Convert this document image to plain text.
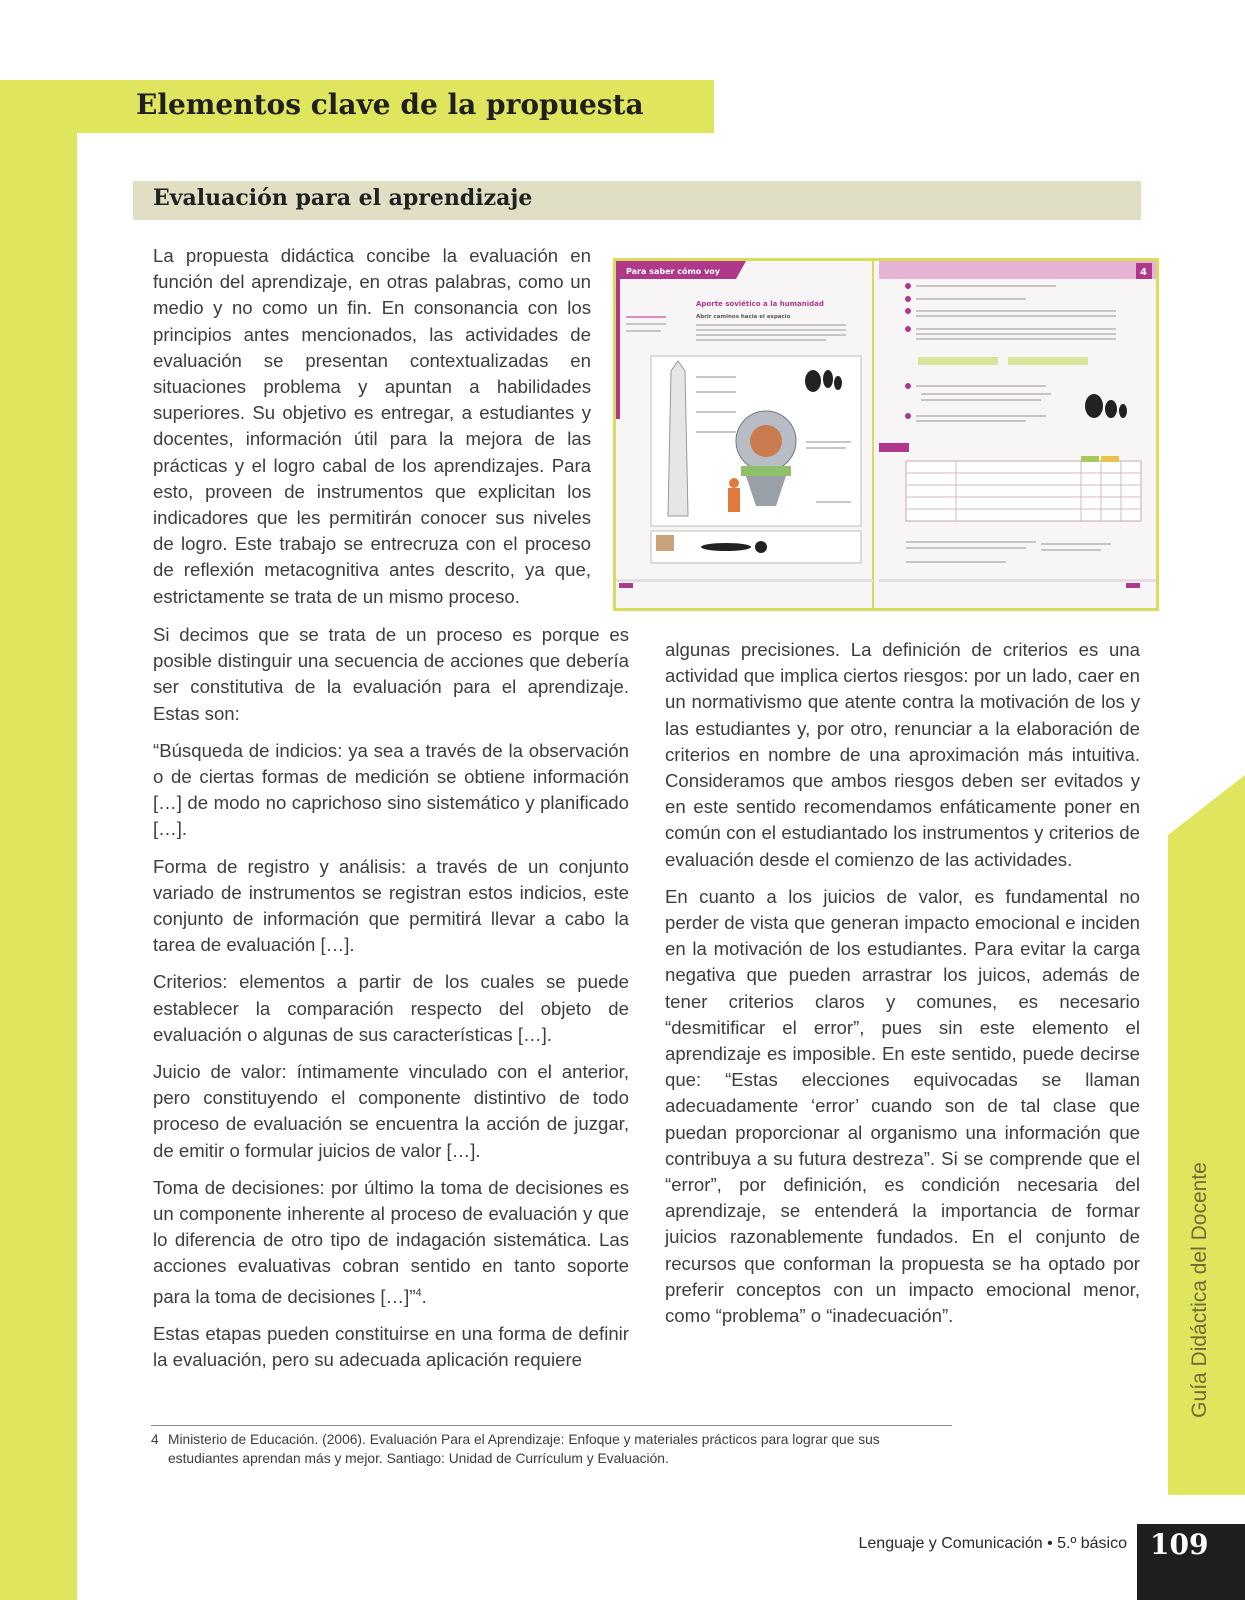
Elementos clave de la propuesta
Evaluación para el aprendizaje

La propuesta didáctica concibe la evaluación en función del aprendizaje, en otras palabras, como un medio y no como un fin. En consonancia con los principios antes mencionados, las actividades de evaluación se presentan contextualizadas en situaciones problema y apuntan a habilidades superiores. Su objetivo es entregar, a estudiantes y docentes, información útil para la mejora de las prácticas y el logro cabal de los aprendizajes. Para esto, proveen de instrumentos que explicitan los indicadores que les permitirán conocer sus niveles de logro. Este trabajo se entrecruza con el proceso de reflexión metacognitiva antes descrito, ya que, estrictamente se trata de un mismo proceso.

Para saber cómo voy
Aporte soviético a la humanidad
Abrir caminos hacia el espacio
4

Si decimos que se trata de un proceso es porque es posible distinguir una secuencia de acciones que debería ser constitutiva de la evaluación para el aprendizaje. Estas son:

“Búsqueda de indicios: ya sea a través de la observación o de ciertas formas de medición se obtiene información […] de modo no caprichoso sino sistemático y planificado […].

Forma de registro y análisis: a través de un conjunto variado de instrumentos se registran estos indicios, este conjunto de información que permitirá llevar a cabo la tarea de evaluación […].

Criterios: elementos a partir de los cuales se puede establecer la comparación respecto del objeto de evaluación o algunas de sus características […].

Juicio de valor: íntimamente vinculado con el anterior, pero constituyendo el componente distintivo de todo proceso de evaluación se encuentra la acción de juzgar, de emitir o formular juicios de valor […].

Toma de decisiones: por último la toma de decisiones es un componente inherente al proceso de evaluación y que lo diferencia de otro tipo de indagación sistemática. Las acciones evaluativas cobran sentido en tanto soporte para la toma de decisiones […]”$^4$.

Estas etapas pueden constituirse en una forma de definir la evaluación, pero su adecuada aplicación requiere

algunas precisiones. La definición de criterios es una actividad que implica ciertos riesgos: por un lado, caer en un normativismo que atente contra la motivación de los y las estudiantes y, por otro, renunciar a la elaboración de criterios en nombre de una aproximación más intuitiva. Consideramos que ambos riesgos deben ser evitados y en este sentido recomendamos enfáticamente poner en común con el estudiantado los instrumentos y criterios de evaluación desde el comienzo de las actividades.

En cuanto a los juicios de valor, es fundamental no perder de vista que generan impacto emocional e inciden en la motivación de los estudiantes. Para evitar la carga negativa que pueden arrastrar los juicos, además de tener criterios claros y comunes, es necesario “desmitificar el error”, pues sin este elemento el aprendizaje es imposible. En este sentido, puede decirse que: “Estas elecciones equivocadas se llaman adecuadamente ‘error’ cuando son de tal clase que puedan proporcionar al organismo una información que contribuya a su futura destreza”. Si se comprende que el “error”, por definición, es condición necesaria del aprendizaje, se entenderá la importancia de formar juicios razonablemente fundados. En el conjunto de recursos que conforman la propuesta se ha optado por preferir conceptos con un impacto emocional menor, como “problema” o “inadecuación”.	Guía Didáctica del Docente
4 Ministerio de Educación. (2006). Evaluación Para el Aprendizaje: Enfoque y materiales prácticos para lograr que sus estudiantes aprendan más y mejor. Santiago: Unidad de Currículum y Evaluación.
Lenguaje y Comunicación • 5.º básico 109
